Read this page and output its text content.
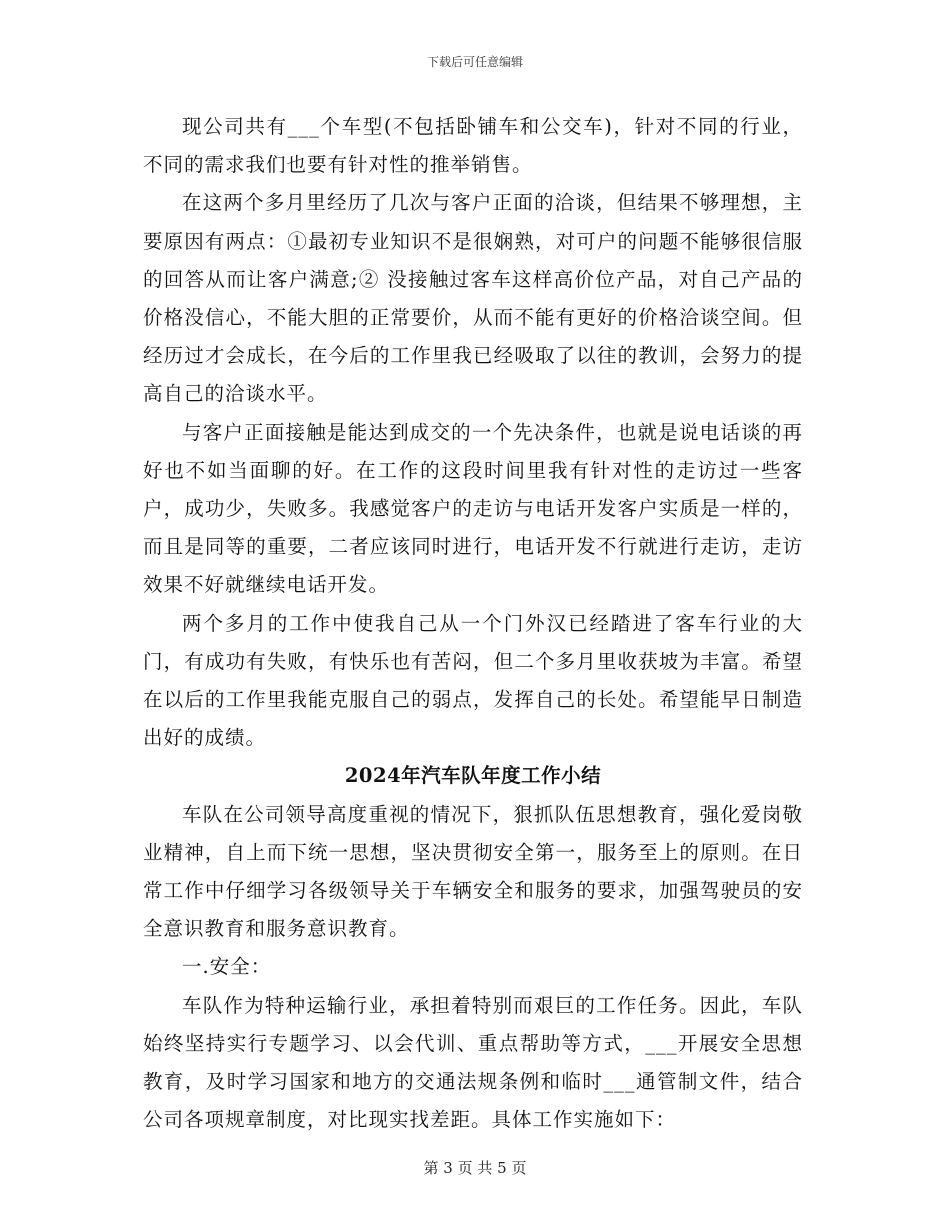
下载后可任意编辑

现公司共有___个车型(不包括卧铺车和公交车)，针对不同的行业，不同的需求我们也要有针对性的推举销售。

在这两个多月里经历了几次与客户正面的洽谈，但结果不够理想，主要原因有两点：①最初专业知识不是很娴熟，对可户的问题不能够很信服的回答从而让客户满意;② 没接触过客车这样高价位产品，对自己产品的价格没信心，不能大胆的正常要价，从而不能有更好的价格洽谈空间。但经历过才会成长，在今后的工作里我已经吸取了以往的教训，会努力的提高自己的洽谈水平。

与客户正面接触是能达到成交的一个先决条件，也就是说电话谈的再好也不如当面聊的好。在工作的这段时间里我有针对性的走访过一些客户，成功少，失败多。我感觉客户的走访与电话开发客户实质是一样的，而且是同等的重要，二者应该同时进行，电话开发不行就进行走访，走访效果不好就继续电话开发。

两个多月的工作中使我自己从一个门外汉已经踏进了客车行业的大门，有成功有失败，有快乐也有苦闷，但二个多月里收获坡为丰富。希望在以后的工作里我能克服自己的弱点，发挥自己的长处。希望能早日制造出好的成绩。

2024年汽车队年度工作小结

车队在公司领导高度重视的情况下，狠抓队伍思想教育，强化爱岗敬业精神，自上而下统一思想，坚决贯彻安全第一，服务至上的原则。在日常工作中仔细学习各级领导关于车辆安全和服务的要求，加强驾驶员的安全意识教育和服务意识教育。

一.安全：

车队作为特种运输行业，承担着特别而艰巨的工作任务。因此，车队始终坚持实行专题学习、以会代训、重点帮助等方式，___开展安全思想教育，及时学习国家和地方的交通法规条例和临时___通管制文件，结合公司各项规章制度，对比现实找差距。具体工作实施如下：

第 3 页 共 5 页
